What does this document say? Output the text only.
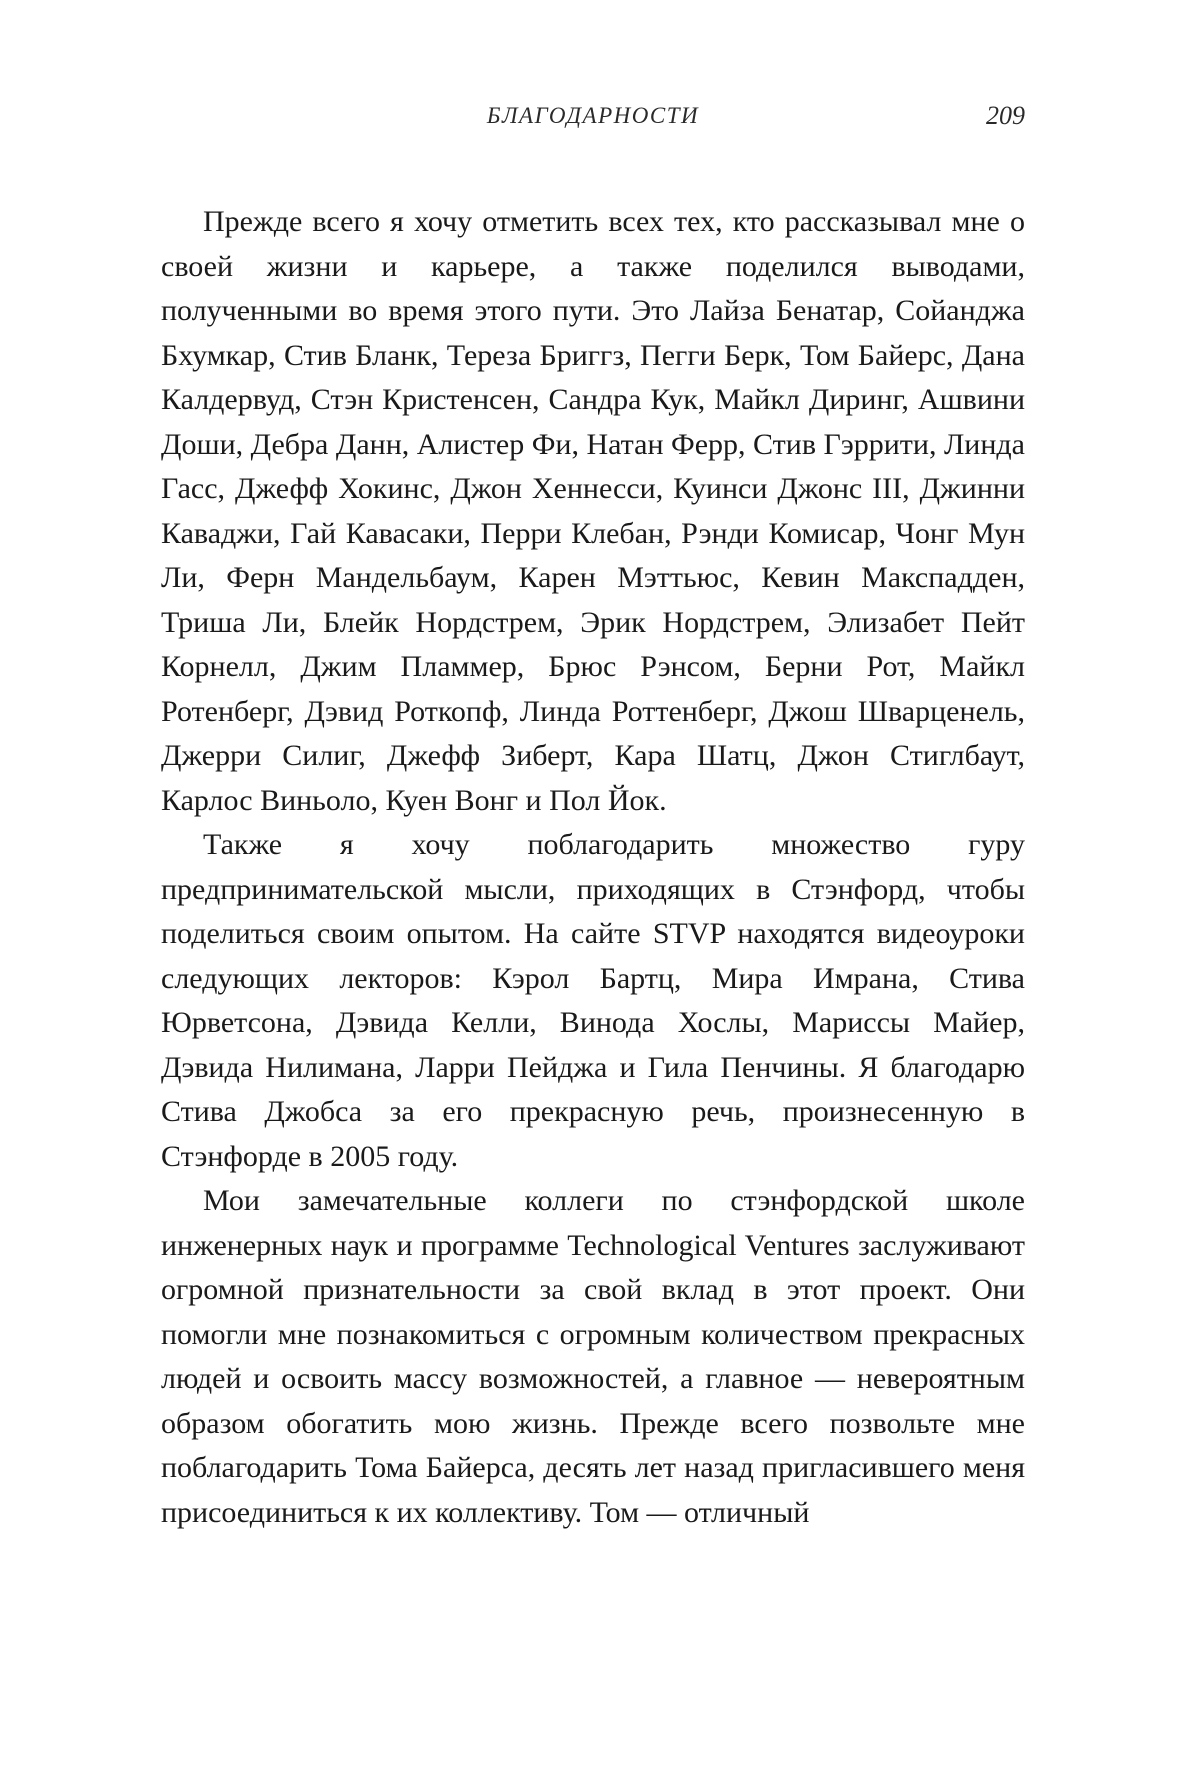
БЛАГОДАРНОСТИ	209

Прежде всего я хочу отметить всех тех, кто рассказывал мне о своей жизни и карьере, а также поделился выводами, полученными во время этого пути. Это Лайза Бенатар, Сойанджа Бхумкар, Стив Бланк, Тереза Бриггз, Пегги Берк, Том Байерс, Дана Калдервуд, Стэн Кристенсен, Сандра Кук, Майкл Диринг, Ашвини Доши, Дебра Данн, Алистер Фи, Натан Ферр, Стив Гэррити, Линда Гасс, Джефф Хокинс, Джон Хеннесси, Куинси Джонс III, Джинни Каваджи, Гай Кавасаки, Перри Клебан, Рэнди Комисар, Чонг Мун Ли, Ферн Мандельбаум, Карен Мэттьюс, Кевин Макспадден, Триша Ли, Блейк Нордстрем, Эрик Нордстрем, Элизабет Пейт Корнелл, Джим Пламмер, Брюс Рэнсом, Берни Рот, Майкл Ротенберг, Дэвид Роткопф, Линда Роттенберг, Джош Шварценель, Джерри Силиг, Джефф Зиберт, Кара Шатц, Джон Стиглбаут, Карлос Виньоло, Куен Вонг и Пол Йок.

Также я хочу поблагодарить множество гуру предпринимательской мысли, приходящих в Стэнфорд, чтобы поделиться своим опытом. На сайте STVP находятся видеоуроки следующих лекторов: Кэрол Бартц, Мира Имрана, Стива Юрветсона, Дэвида Келли, Винода Хослы, Мариссы Майер, Дэвида Нилимана, Ларри Пейджа и Гила Пенчины. Я благодарю Стива Джобса за его прекрасную речь, произнесенную в Стэнфорде в 2005 году.

Мои замечательные коллеги по стэнфордской школе инженерных наук и программе Technological Ventures заслуживают огромной признательности за свой вклад в этот проект. Они помогли мне познакомиться с огромным количеством прекрасных людей и освоить массу возможностей, а главное — невероятным образом обогатить мою жизнь. Прежде всего позвольте мне поблагодарить Тома Байерса, десять лет назад пригласившего меня присоединиться к их коллективу. Том — отличный
